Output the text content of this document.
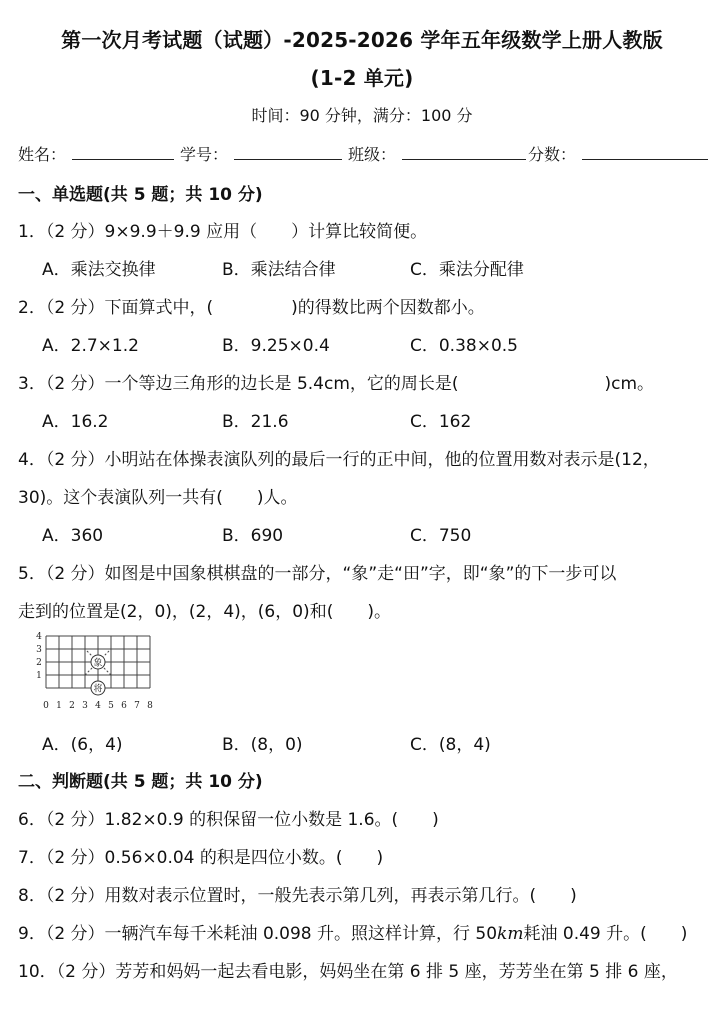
第一次月考试题（试题）-2025-2026 学年五年级数学上册人教版
(1-2 单元)
时间：90 分钟，满分：100 分
姓名：	学号：	班级：	分数：
一、单选题(共 5 题；共 10 分)
1．（2 分）9×9.9＋9.9 应用（　　）计算比较简便。
A．乘法交换律	B．乘法结合律	C．乘法分配律
2．（2 分）下面算式中，(	)的得数比两个因数都小。
A．2.7×1.2	B．9.25×0.4	C．0.38×0.5
3．（2 分）一个等边三角形的边长是 5.4cm，它的周长是(	)cm。
A．16.2	B．21.6	C．162
4．（2 分）小明站在体操表演队列的最后一行的正中间，他的位置用数对表示是(12，
30)。这个表演队列一共有(　　)人。
A．360	B．690	C．750
5．（2 分）如图是中国象棋棋盘的一部分，“象”走“田”字，即“象”的下一步可以
走到的位置是(2，0)，(2，4)，(6，0)和(　　)。
4
3
2
1
0 1 2 3 4 5 6 7 8
象
将
A．(6，4)	B．(8，0)	C．(8，4)
二、判断题(共 5 题；共 10 分)
6．（2 分）1.82×0.9 的积保留一位小数是 1.6。(　　)
7．（2 分）0.56×0.04 的积是四位小数。(　　)
8．（2 分）用数对表示位置时，一般先表示第几列，再表示第几行。(　　)
9．（2 分）一辆汽车每千米耗油 0.098 升。照这样计算，行 50km耗油 0.49 升。(　　)
10．（2 分）芳芳和妈妈一起去看电影，妈妈坐在第 6 排 5 座，芳芳坐在第 5 排 6 座，
